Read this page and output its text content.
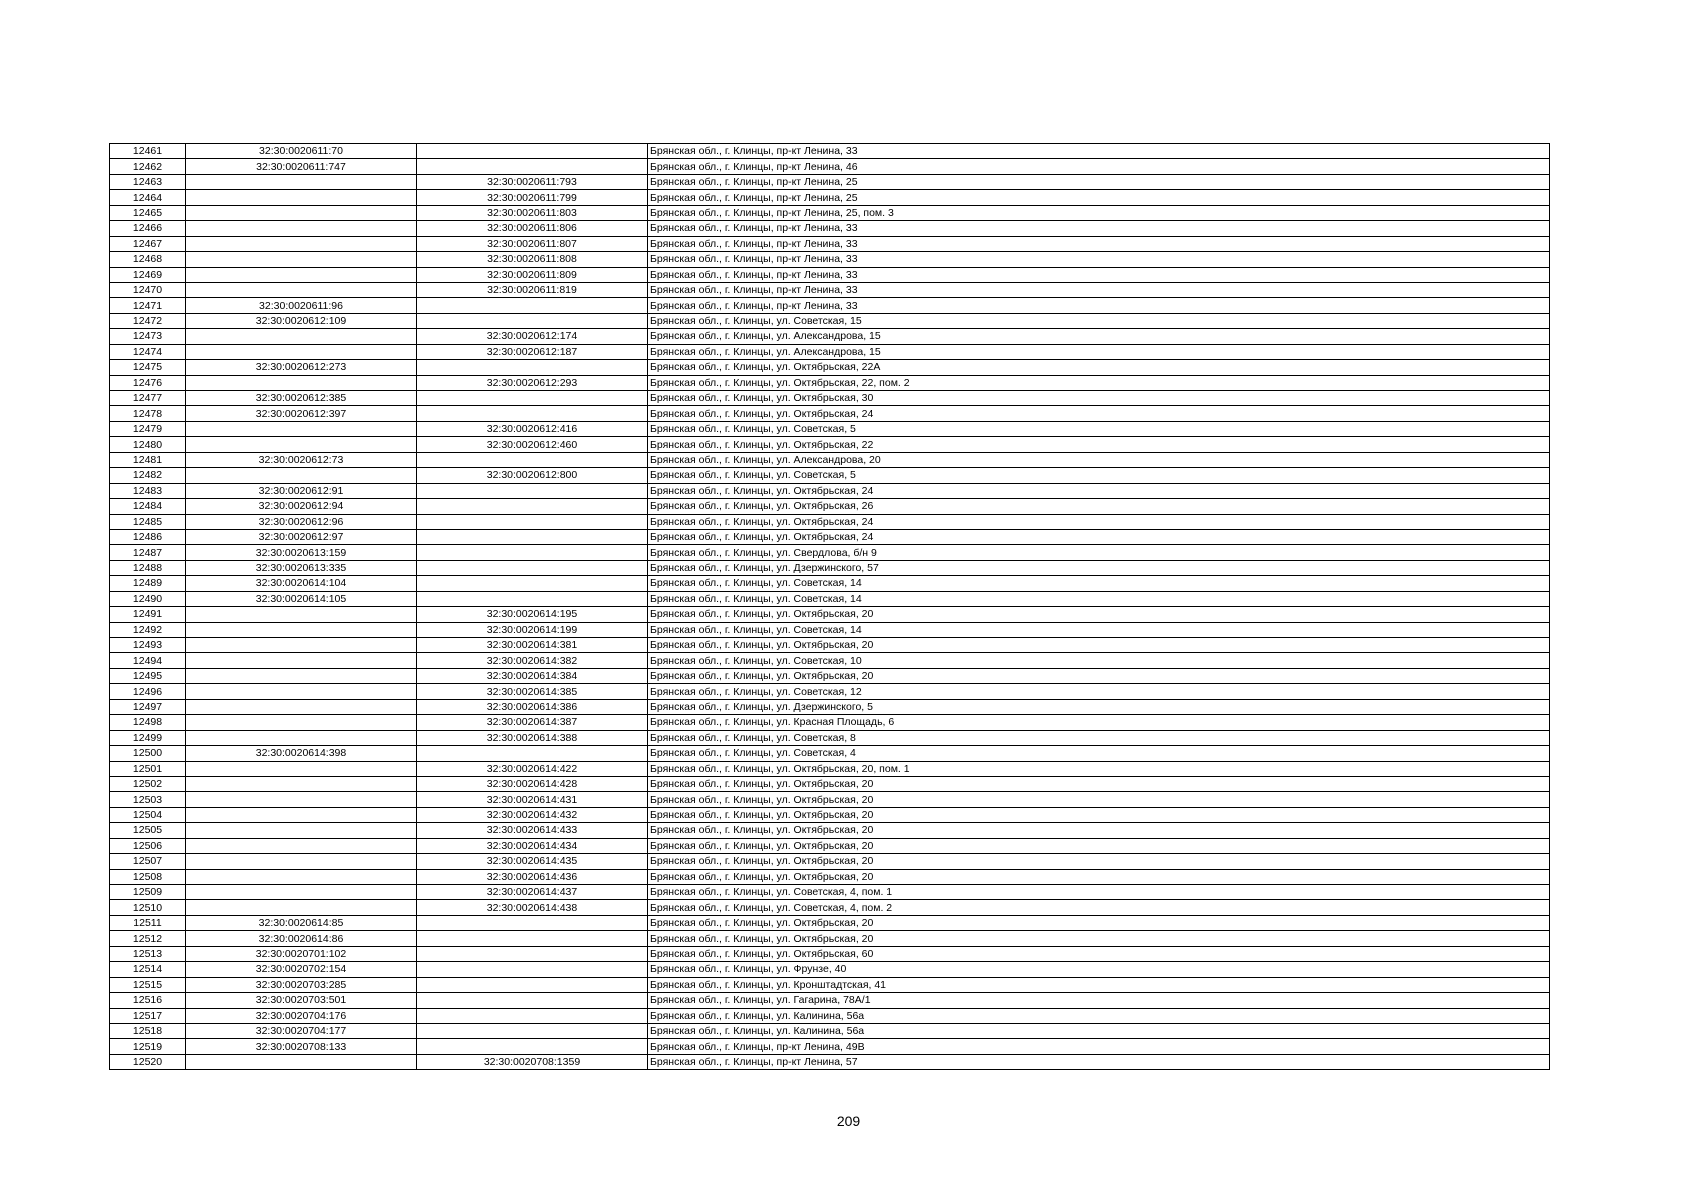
12461	32:30:0020611:70		Брянская обл., г. Клинцы, пр-кт Ленина, 33
12462	32:30:0020611:747		Брянская обл., г. Клинцы, пр-кт Ленина, 46
12463		32:30:0020611:793	Брянская обл., г. Клинцы, пр-кт Ленина, 25
12464		32:30:0020611:799	Брянская обл., г. Клинцы, пр-кт Ленина, 25
12465		32:30:0020611:803	Брянская обл., г. Клинцы, пр-кт Ленина, 25, пом. 3
12466		32:30:0020611:806	Брянская обл., г. Клинцы, пр-кт Ленина, 33
12467		32:30:0020611:807	Брянская обл., г. Клинцы, пр-кт Ленина, 33
12468		32:30:0020611:808	Брянская обл., г. Клинцы, пр-кт Ленина, 33
12469		32:30:0020611:809	Брянская обл., г. Клинцы, пр-кт Ленина, 33
12470		32:30:0020611:819	Брянская обл., г. Клинцы, пр-кт Ленина, 33
12471	32:30:0020611:96		Брянская обл., г. Клинцы, пр-кт Ленина, 33
12472	32:30:0020612:109		Брянская обл., г. Клинцы, ул. Советская, 15
12473		32:30:0020612:174	Брянская обл., г. Клинцы, ул. Александрова, 15
12474		32:30:0020612:187	Брянская обл., г. Клинцы, ул. Александрова, 15
12475	32:30:0020612:273		Брянская обл., г. Клинцы, ул. Октябрьская, 22А
12476		32:30:0020612:293	Брянская обл., г. Клинцы, ул. Октябрьская, 22, пом. 2
12477	32:30:0020612:385		Брянская обл., г. Клинцы, ул. Октябрьская, 30
12478	32:30:0020612:397		Брянская обл., г. Клинцы, ул. Октябрьская, 24
12479		32:30:0020612:416	Брянская обл., г. Клинцы, ул. Советская, 5
12480		32:30:0020612:460	Брянская обл., г. Клинцы, ул. Октябрьская, 22
12481	32:30:0020612:73		Брянская обл., г. Клинцы, ул. Александрова, 20
12482		32:30:0020612:800	Брянская обл., г. Клинцы, ул. Советская, 5
12483	32:30:0020612:91		Брянская обл., г. Клинцы, ул. Октябрьская, 24
12484	32:30:0020612:94		Брянская обл., г. Клинцы, ул. Октябрьская, 26
12485	32:30:0020612:96		Брянская обл., г. Клинцы, ул. Октябрьская, 24
12486	32:30:0020612:97		Брянская обл., г. Клинцы, ул. Октябрьская, 24
12487	32:30:0020613:159		Брянская обл., г. Клинцы, ул. Свердлова, б/н 9
12488	32:30:0020613:335		Брянская обл., г. Клинцы, ул. Дзержинского, 57
12489	32:30:0020614:104		Брянская обл., г. Клинцы, ул. Советская, 14
12490	32:30:0020614:105		Брянская обл., г. Клинцы, ул. Советская, 14
12491		32:30:0020614:195	Брянская обл., г. Клинцы, ул. Октябрьская, 20
12492		32:30:0020614:199	Брянская обл., г. Клинцы, ул. Советская, 14
12493		32:30:0020614:381	Брянская обл., г. Клинцы, ул. Октябрьская, 20
12494		32:30:0020614:382	Брянская обл., г. Клинцы, ул. Советская, 10
12495		32:30:0020614:384	Брянская обл., г. Клинцы, ул. Октябрьская, 20
12496		32:30:0020614:385	Брянская обл., г. Клинцы, ул. Советская, 12
12497		32:30:0020614:386	Брянская обл., г. Клинцы, ул. Дзержинского, 5
12498		32:30:0020614:387	Брянская обл., г. Клинцы, ул. Красная Площадь, 6
12499		32:30:0020614:388	Брянская обл., г. Клинцы, ул. Советская, 8
12500	32:30:0020614:398		Брянская обл., г. Клинцы, ул. Советская, 4
12501		32:30:0020614:422	Брянская обл., г. Клинцы, ул. Октябрьская, 20, пом. 1
12502		32:30:0020614:428	Брянская обл., г. Клинцы, ул. Октябрьская, 20
12503		32:30:0020614:431	Брянская обл., г. Клинцы, ул. Октябрьская, 20
12504		32:30:0020614:432	Брянская обл., г. Клинцы, ул. Октябрьская, 20
12505		32:30:0020614:433	Брянская обл., г. Клинцы, ул. Октябрьская, 20
12506		32:30:0020614:434	Брянская обл., г. Клинцы, ул. Октябрьская, 20
12507		32:30:0020614:435	Брянская обл., г. Клинцы, ул. Октябрьская, 20
12508		32:30:0020614:436	Брянская обл., г. Клинцы, ул. Октябрьская, 20
12509		32:30:0020614:437	Брянская обл., г. Клинцы, ул. Советская, 4, пом. 1
12510		32:30:0020614:438	Брянская обл., г. Клинцы, ул. Советская, 4, пом. 2
12511	32:30:0020614:85		Брянская обл., г. Клинцы, ул. Октябрьская, 20
12512	32:30:0020614:86		Брянская обл., г. Клинцы, ул. Октябрьская, 20
12513	32:30:0020701:102		Брянская обл., г. Клинцы, ул. Октябрьская, 60
12514	32:30:0020702:154		Брянская обл., г. Клинцы, ул. Фрунзе, 40
12515	32:30:0020703:285		Брянская обл., г. Клинцы, ул. Кронштадтская, 41
12516	32:30:0020703:501		Брянская обл., г. Клинцы, ул. Гагарина, 78А/1
12517	32:30:0020704:176		Брянская обл., г. Клинцы, ул. Калинина, 56а
12518	32:30:0020704:177		Брянская обл., г. Клинцы, ул. Калинина, 56а
12519	32:30:0020708:133		Брянская обл., г. Клинцы, пр-кт Ленина, 49В
12520		32:30:0020708:1359	Брянская обл., г. Клинцы, пр-кт Ленина, 57
209
